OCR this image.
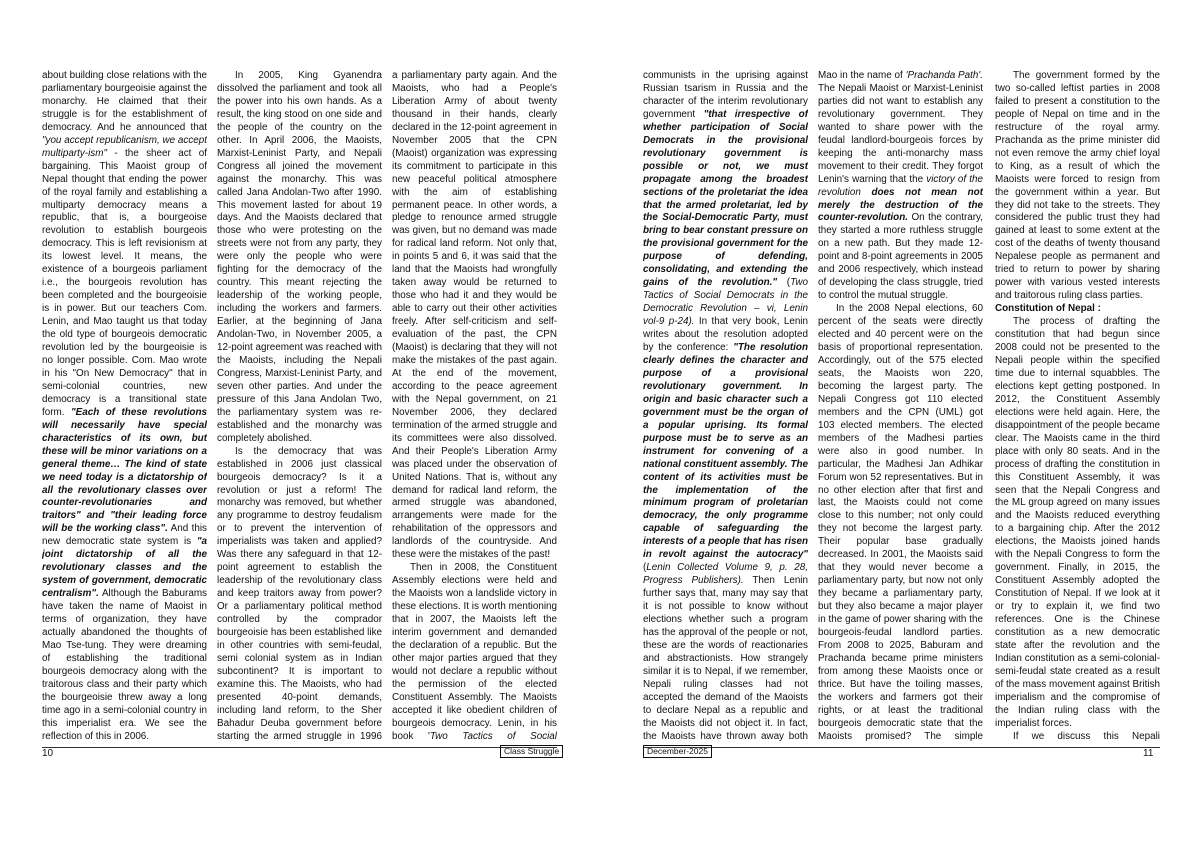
about building close relations with the parliamentary bourgeoisie against the monarchy. He claimed that their struggle is for the establishment of democracy. And he announced that "you accept republicanism, we accept multiparty-ism" - the sheer act of bargaining. This Maoist group of Nepal thought that ending the power of the royal family and establishing a multiparty democracy means a republic, that is, a bourgeoise revolution to establish bourgeois democracy. This is left revisionism at its lowest level. It means, the existence of a bourgeois parliament i.e., the bourgeois revolution has been completed and the bourgeoisie is in power. But our teachers Com. Lenin, and Mao taught us that today the old type of bourgeois democratic revolution led by the bourgeoisie is no longer possible. Com. Mao wrote in his "On New Democracy" that in semi-colonial countries, new democracy is a transitional state form. "Each of these revolutions will necessarily have special characteristics of its own, but these will be minor variations on a general theme… The kind of state we need today is a dictatorship of all the revolutionary classes over counter-revolutionaries and traitors" and "their leading force will be the working class". And this new democratic state system is "a joint dictatorship of all the revolutionary classes and the system of government, democratic centralism". Although the Baburams have taken the name of Maoist in terms of organization, they have actually abandoned the thoughts of Mao Tse-tung. They were dreaming of establishing the traditional bourgeois democracy along with the traitorous class and their party which the bourgeoisie threw away a long time ago in a semi-colonial country in this imperialist era. We see the reflection of this in 2006.

In 2005, King Gyanendra dissolved the parliament and took all the power into his own hands. As a result, the king stood on one side and the people of the country on the other. In April 2006, the Maoists, Marxist-Leninist Party, and Nepali Congress all joined the movement against the monarchy. This was called Jana Andolan-Two after 1990. This movement lasted for about 19 days. And the Maoists declared that those who were protesting on the streets were not from any party, they were only the people who were fighting for the democracy of the country. This meant rejecting the leadership of the working people, including the workers and farmers. Earlier, at the beginning of Jana Andolan-Two, in November 2005, a 12-point agreement was reached with the Maoists, including the Nepali Congress, Marxist-Leninist Party, and seven other parties. And under the pressure of this Jana Andolan Two, the parliamentary system was re-established and the monarchy was completely abolished.

Is the democracy that was established in 2006 just classical bourgeois democracy? Is it a revolution or just a reform! The monarchy was removed, but whether any programme to destroy feudalism or to prevent the intervention of imperialists was taken and applied? Was there any safeguard in that 12-point agreement to establish the leadership of the revolutionary class and keep traitors away from power? Or a parliamentary political method controlled by the comprador bourgeoisie has been established like in other countries with semi-feudal, semi colonial system as in Indian subcontinent? It is important to examine this. The Maoists, who had presented 40-point demands, including land reform, to the Sher Bahadur Deuba government before starting the armed struggle in 1996

a parliamentary party again. And the Maoists, who had a People's Liberation Army of about twenty thousand in their hands, clearly declared in the 12-point agreement in November 2005 that the CPN (Maoist) organization was expressing its commitment to participate in this new peaceful political atmosphere with the aim of establishing permanent peace. In other words, a pledge to renounce armed struggle was given, but no demand was made for radical land reform. Not only that, in points 5 and 6, it was said that the land that the Maoists had wrongfully taken away would be returned to those who had it and they would be able to carry out their other activities freely. After self-criticism and self-evaluation of the past, the CPN (Maoist) is declaring that they will not make the mistakes of the past again. At the end of the movement, according to the peace agreement with the Nepal government, on 21 November 2006, they declared termination of the armed struggle and its committees were also dissolved. And their People's Liberation Army was placed under the observation of United Nations. That is, without any demand for radical land reform, the armed struggle was abandoned, arrangements were made for the rehabilitation of the oppressors and landlords of the countryside. And these were the mistakes of the past!

Then in 2008, the Constituent Assembly elections were held and the Maoists won a landslide victory in these elections. It is worth mentioning that in 2007, the Maoists left the interim government and demanded the declaration of a republic. But the other major parties argued that they would not declare a republic without the permission of the elected Constituent Assembly. The Maoists accepted it like obedient children of bourgeois democracy. Lenin, in his book 'Two Tactics of Social

communists in the uprising against Russian tsarism in Russia and the character of the interim revolutionary government "that irrespective of whether participation of Social Democrats in the provisional revolutionary government is possible or not, we must propagate among the broadest sections of the proletariat the idea that the armed proletariat, led by the Social-Democratic Party, must bring to bear constant pressure on the provisional government for the purpose of defending, consolidating, and extending the gains of the revolution." (Two Tactics of Social Democrats in the Democratic Revolution – vi, Lenin vol-9 p-24). In that very book, Lenin writes about the resolution adopted by the conference: "The resolution clearly defines the character and purpose of a provisional revolutionary government. In origin and basic character such a government must be the organ of a popular uprising. Its formal purpose must be to serve as an instrument for convening of a national constituent assembly. The content of its activities must be the implementation of the minimum program of proletarian democracy, the only programme capable of safeguarding the interests of a people that has risen in revolt against the autocracy" (Lenin Collected Volume 9, p. 28, Progress Publishers). Then Lenin further says that, many may say that it is not possible to know without elections whether such a program has the approval of the people or not, these are the words of reactionaries and abstractionists. How strangely similar it is to Nepal, if we remember, Nepali ruling classes had not accepted the demand of the Maoists to declare Nepal as a republic and the Maoists did not object it. In fact, the Maoists have thrown away both

Mao in the name of 'Prachanda Path'. The Nepali Maoist or Marxist-Leninist parties did not want to establish any revolutionary government. They wanted to share power with the feudal landlord-bourgeois forces by keeping the anti-monarchy mass movement to their credit. They forgot Lenin's warning that the victory of the revolution does not mean not merely the destruction of the counter-revolution. On the contrary, they started a more ruthless struggle on a new path. But they made 12-point and 8-point agreements in 2005 and 2006 respectively, which instead of developing the class struggle, tried to control the mutual struggle.

In the 2008 Nepal elections, 60 percent of the seats were directly elected and 40 percent were on the basis of proportional representation. Accordingly, out of the 575 elected seats, the Maoists won 220, becoming the largest party. The Nepali Congress got 110 elected members and the CPN (UML) got 103 elected members. The elected members of the Madhesi parties were also in good number. In particular, the Madhesi Jan Adhikar Forum won 52 representatives. But in no other election after that first and last, the Maoists could not come close to this number; not only could they not become the largest party. Their popular base gradually decreased. In 2001, the Maoists said that they would never become a parliamentary party, but now not only they became a parliamentary party, but they also became a major player in the game of power sharing with the bourgeois-feudal landlord parties. From 2008 to 2025, Baburam and Prachanda became prime ministers from among these Maoists once or thrice. But have the toiling masses, the workers and farmers got their rights, or at least the traditional bourgeois democratic state that the Maoists promised? The simple

The government formed by the two so-called leftist parties in 2008 failed to present a constitution to the people of Nepal on time and in the restructure of the royal army. Prachanda as the prime minister did not even remove the army chief loyal to King, as a result of which the Maoists were forced to resign from the government within a year. But they did not take to the streets. They considered the public trust they had gained at least to some extent at the cost of the deaths of twenty thousand Nepalese people as permanent and tried to return to power by sharing power with various vested interests and traitorous ruling class parties.

Constitution of Nepal :

The process of drafting the constitution that had begun since 2008 could not be presented to the Nepali people within the specified time due to internal squabbles. The elections kept getting postponed. In 2012, the Constituent Assembly elections were held again. Here, the disappointment of the people became clear. The Maoists came in the third place with only 80 seats. And in the process of drafting the constitution in this Constituent Assembly, it was seen that the Nepali Congress and the ML group agreed on many issues and the Maoists reduced everything to a bargaining chip. After the 2012 elections, the Maoists joined hands with the Nepali Congress to form the government. Finally, in 2015, the Constituent Assembly adopted the Constitution of Nepal. If we look at it or try to explain it, we find two references. One is the Chinese constitution as a new democratic state after the revolution and the Indian constitution as a semi-colonial-semi-feudal state created as a result of the mass movement against British imperialism and the compromise of the Indian ruling class with the imperialist forces.

If we discuss this Nepali

10	Class Struggle	December-2025	11
